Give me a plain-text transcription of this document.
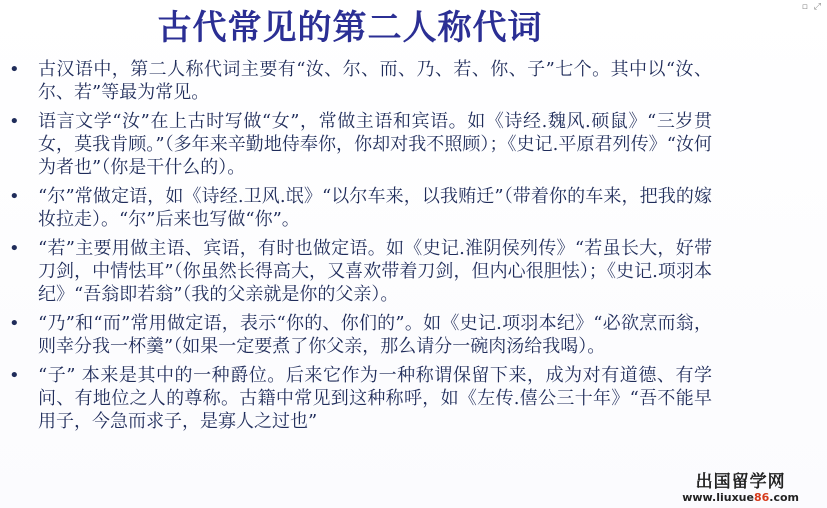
▫ ⤢
古代常见的第二人称代词
• 古汉语中，第二人称代词主要有“汝、尔、而、乃、若、你、子”七个。其中以“汝、尔、若”等最为常见。
• 语言文学“汝”在上古时写做“女”，常做主语和宾语。如《诗经.魏风.硕鼠》“三岁贯女，莫我肯顾。”（多年来辛勤地侍奉你，你却对我不照顾）；《史记.平原君列传》“汝何为者也”（你是干什么的）。
• “尔”常做定语，如《诗经.卫风.氓》“以尔车来，以我贿迁”（带着你的车来，把我的嫁妆拉走）。“尔”后来也写做“你”。
• “若”主要用做主语、宾语，有时也做定语。如《史记.淮阴侯列传》“若虽长大，好带刀剑，中情怯耳”（你虽然长得高大，又喜欢带着刀剑，但内心很胆怯）；《史记.项羽本纪》“吾翁即若翁”（我的父亲就是你的父亲）。
• “乃”和“而”常用做定语，表示“你的、你们的”。如《史记.项羽本纪》“必欲烹而翁，则幸分我一杯羹”（如果一定要煮了你父亲，那么请分一碗肉汤给我喝）。
• “子” 本来是其中的一种爵位。后来它作为一种称谓保留下来，成为对有道德、有学问、有地位之人的尊称。古籍中常见到这种称呼，如《左传.僖公三十年》“吾不能早用子，今急而求子，是寡人之过也”
出国留学网
www.liuxue86.com
